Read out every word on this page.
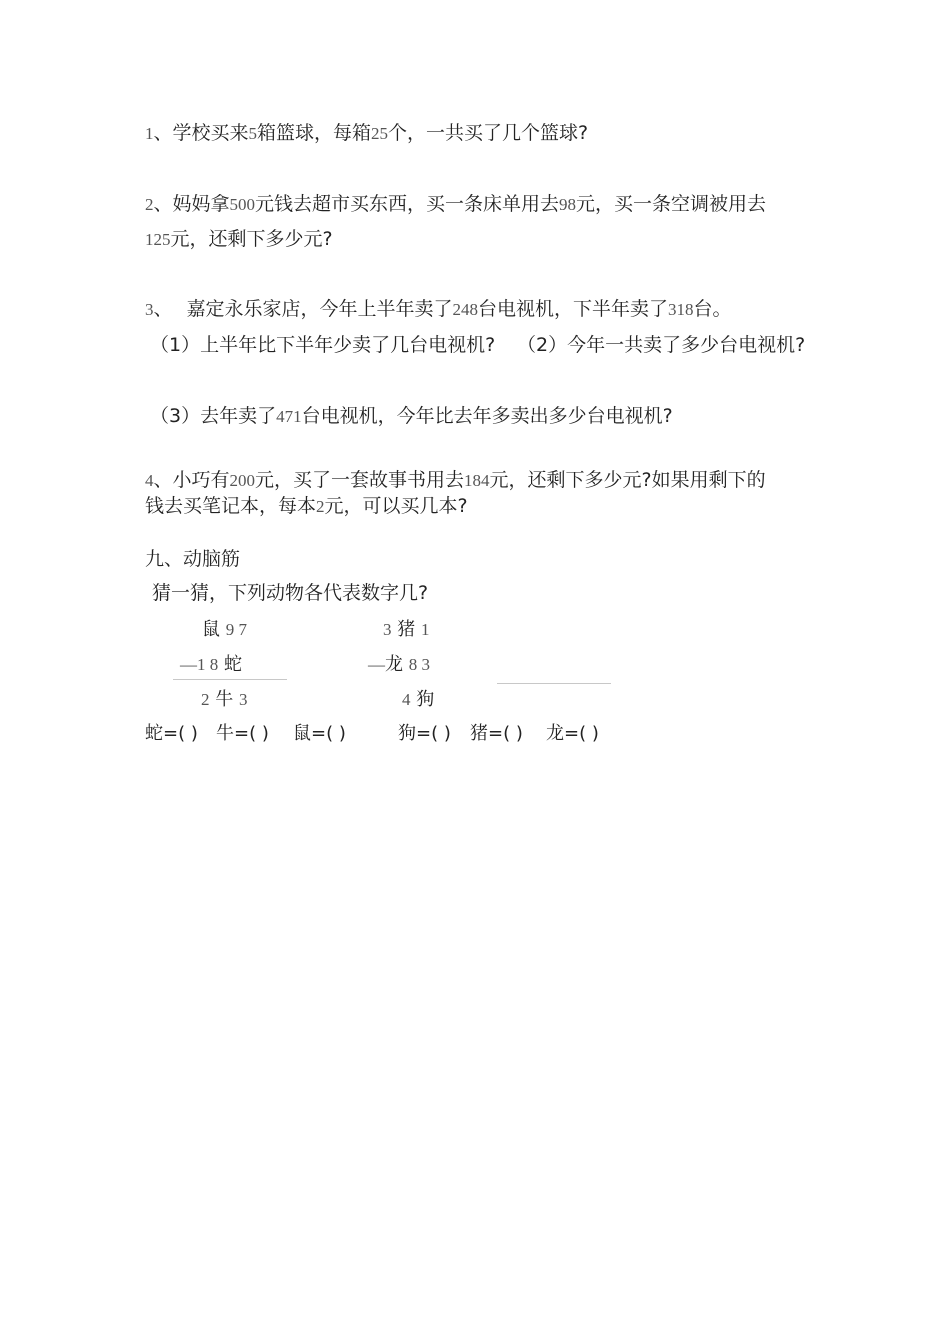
1、学校买来5箱篮球，每箱25个，一共买了几个篮球?
2、妈妈拿500元钱去超市买东西，买一条床单用去98元，买一条空调被用去
125元，还剩下多少元?
3、 嘉定永乐家店，今年上半年卖了248台电视机，下半年卖了318台。
（1）上半年比下半年少卖了几台电视机? （2）今年一共卖了多少台电视机?
（3）去年卖了471台电视机，今年比去年多卖出多少台电视机?
4、小巧有200元，买了一套故事书用去184元，还剩下多少元?如果用剩下的
钱去买笔记本，每本2元，可以买几本?
九、动脑筋
猜一猜，下列动物各代表数字几?
鼠 9 7
—1 8 蛇
2 牛 3
3 猪 1
—龙 8 3
4 狗
蛇=( ) 牛=( ) 鼠=( )	狗=( ) 猪=( ) 龙=( )
